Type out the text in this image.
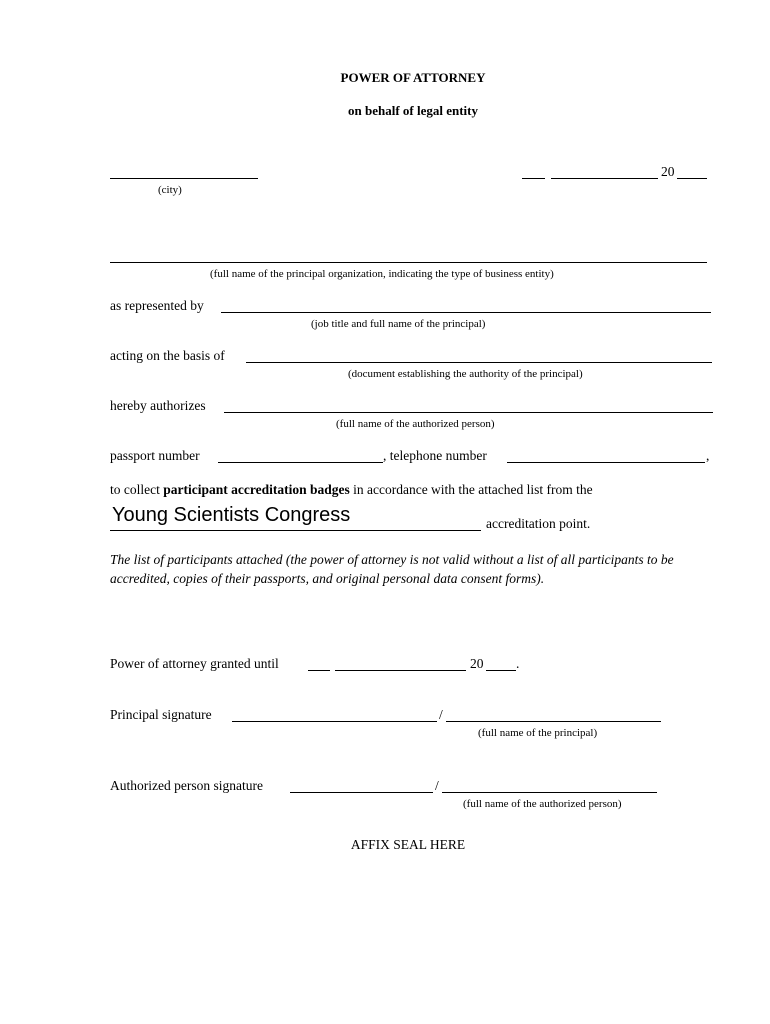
POWER OF ATTORNEY
on behalf of legal entity
(city)
20
(full name of the principal organization, indicating the type of business entity)
as represented by
(job title and full name of the principal)
acting on the basis of
(document establishing the authority of the principal)
hereby authorizes
(full name of the authorized person)
passport number	, telephone number	,
to collect participant accreditation badges in accordance with the attached list from the
Young Scientists Congress	accreditation point.
The list of participants attached (the power of attorney is not valid without a list of all participants to be accredited, copies of their passports, and original personal data consent forms).
Power of attorney granted until	20 .
Principal signature	/
(full name of the principal)
Authorized person signature	/
(full name of the authorized person)
AFFIX SEAL HERE
